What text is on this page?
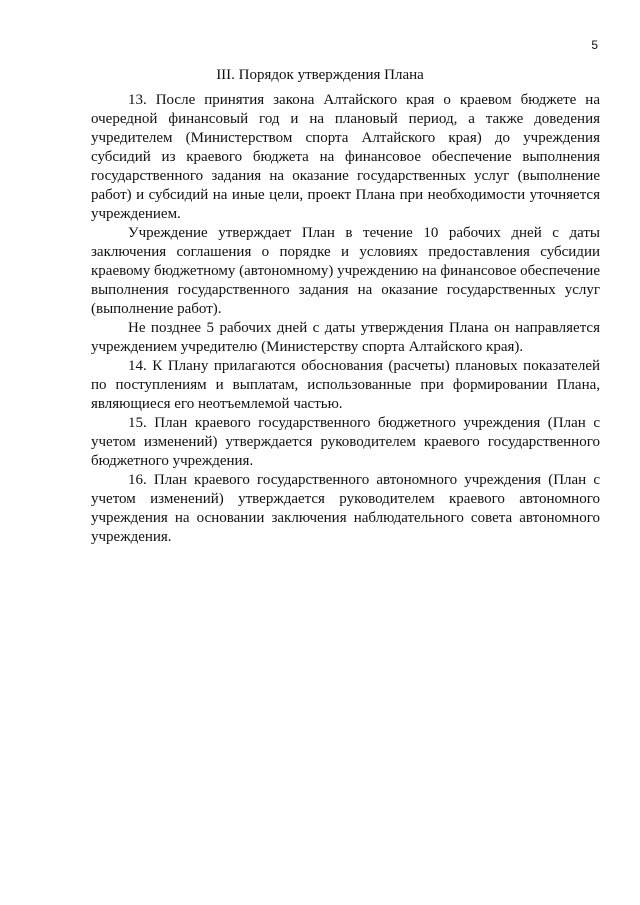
5
III. Порядок утверждения Плана

13. После принятия закона Алтайского края о краевом бюджете на очередной финансовый год и на плановый период, а также доведения учредителем (Министерством спорта Алтайского края) до учреждения субсидий из краевого бюджета на финансовое обеспечение выполнения государственного задания на оказание государственных услуг (выполнение работ) и субсидий на иные цели, проект Плана при необходимости уточняется учреждением.

Учреждение утверждает План в течение 10 рабочих дней с даты заключения соглашения о порядке и условиях предоставления субсидии краевому бюджетному (автономному) учреждению на финансовое обеспечение выполнения государственного задания на оказание государственных услуг (выполнение работ).

Не позднее 5 рабочих дней с даты утверждения Плана он направляется учреждением учредителю (Министерству спорта Алтайского края).

14. К Плану прилагаются обоснования (расчеты) плановых показателей по поступлениям и выплатам, использованные при формировании Плана, являющиеся его неотъемлемой частью.

15. План краевого государственного бюджетного учреждения (План с учетом изменений) утверждается руководителем краевого государственного бюджетного учреждения.

16. План краевого государственного автономного учреждения (План с учетом изменений) утверждается руководителем краевого автономного учреждения на основании заключения наблюдательного совета автономного учреждения.
